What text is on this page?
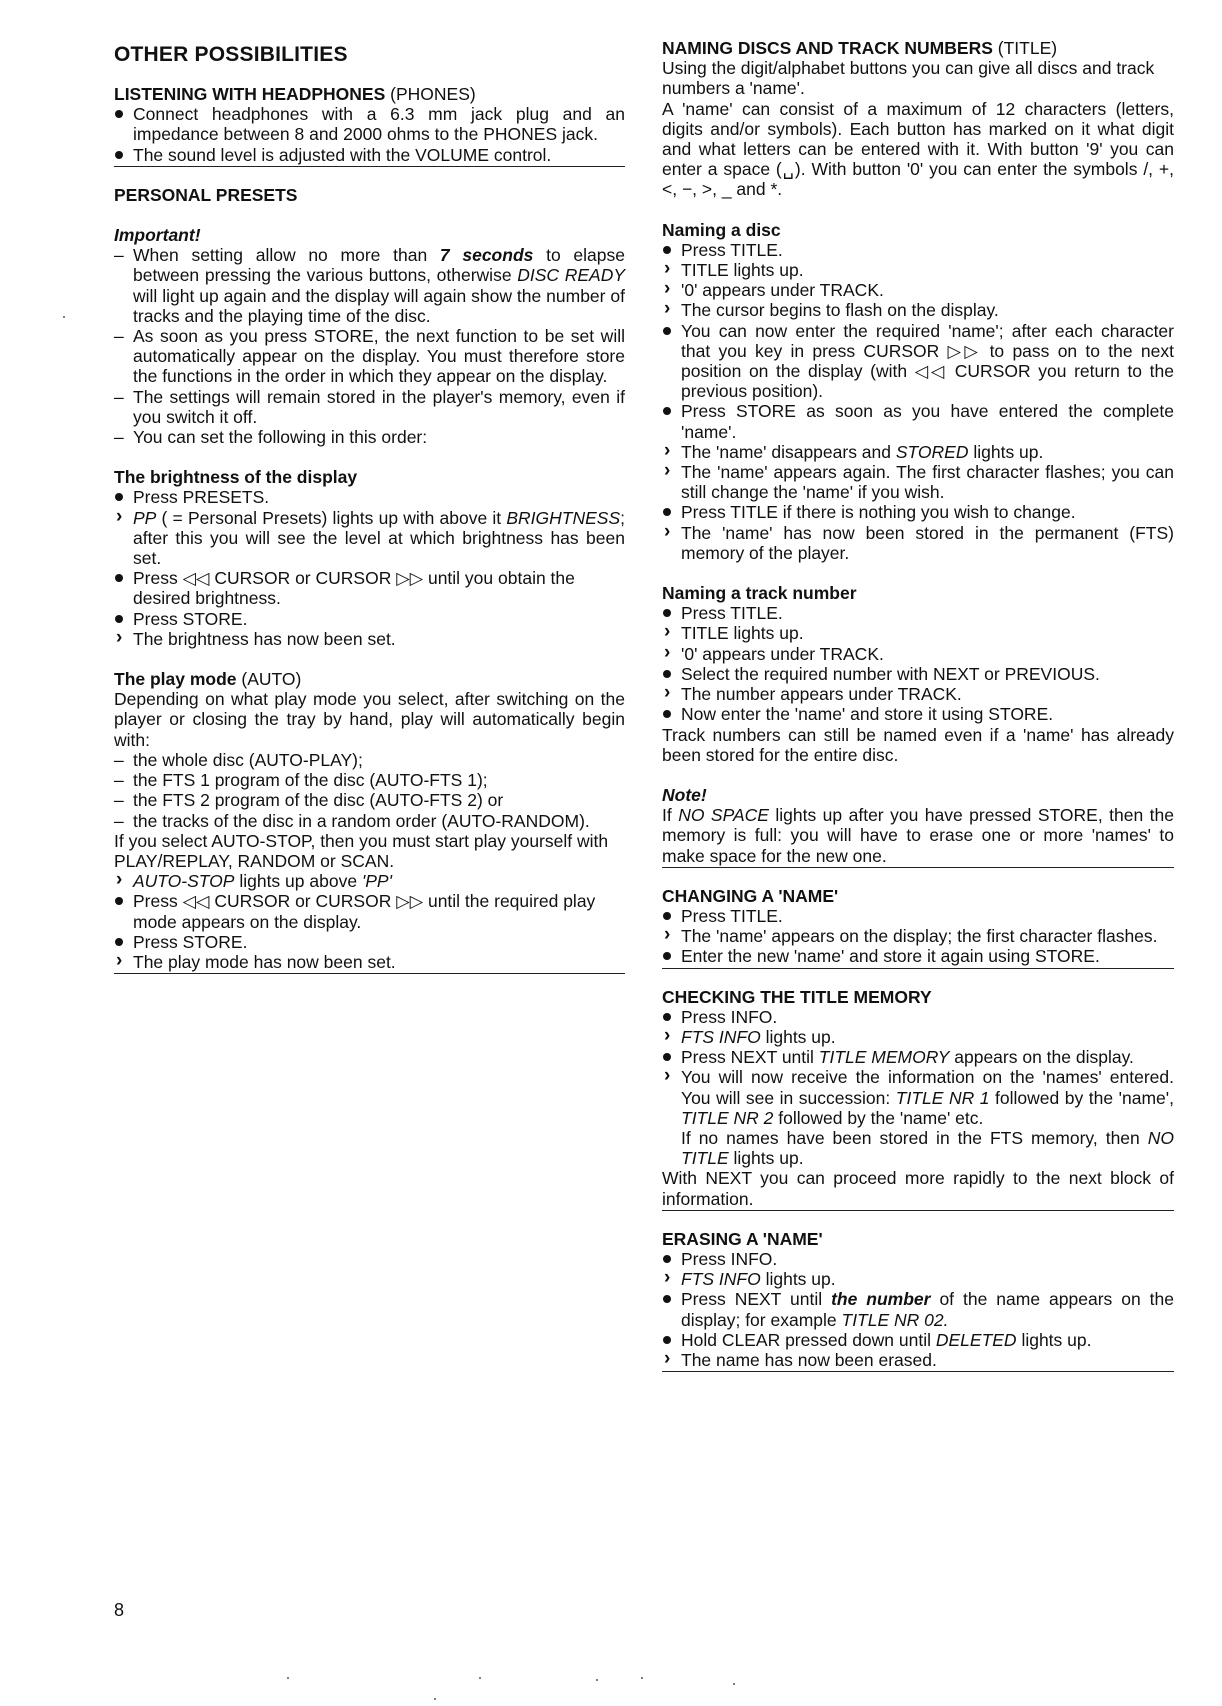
OTHER POSSIBILITIES
LISTENING WITH HEADPHONES (PHONES)
Connect headphones with a 6.3 mm jack plug and an impedance between 8 and 2000 ohms to the PHONES jack.
The sound level is adjusted with the VOLUME control.
PERSONAL PRESETS
Important!
When setting allow no more than 7 seconds to elapse between pressing the various buttons, otherwise DISC READY will light up again and the display will again show the number of tracks and the playing time of the disc.
As soon as you press STORE, the next function to be set will automatically appear on the display. You must therefore store the functions in the order in which they appear on the display.
The settings will remain stored in the player's memory, even if you switch it off.
You can set the following in this order:
The brightness of the display
Press PRESETS.
PP ( = Personal Presets) lights up with above it BRIGHTNESS; after this you will see the level at which brightness has been set.
Press ◁◁ CURSOR or CURSOR ▷▷ until you obtain the desired brightness.
Press STORE.
The brightness has now been set.
The play mode (AUTO)
Depending on what play mode you select, after switching on the player or closing the tray by hand, play will automatically begin with:
the whole disc (AUTO-PLAY);
the FTS 1 program of the disc (AUTO-FTS 1);
the FTS 2 program of the disc (AUTO-FTS 2) or
the tracks of the disc in a random order (AUTO-RANDOM).
If you select AUTO-STOP, then you must start play yourself with PLAY/REPLAY, RANDOM or SCAN.
AUTO-STOP lights up above 'PP'
Press ◁◁ CURSOR or CURSOR ▷▷ until the required play mode appears on the display.
Press STORE.
The play mode has now been set.
NAMING DISCS AND TRACK NUMBERS (TITLE)
Using the digit/alphabet buttons you can give all discs and track numbers a 'name'.
A 'name' can consist of a maximum of 12 characters (letters, digits and/or symbols). Each button has marked on it what digit and what letters can be entered with it. With button '9' you can enter a space (␣). With button '0' you can enter the symbols /, +, <, −, >, _ and *.
Naming a disc
Press TITLE.
TITLE lights up.
'0' appears under TRACK.
The cursor begins to flash on the display.
You can now enter the required 'name'; after each character that you key in press CURSOR ▷▷ to pass on to the next position on the display (with ◁◁ CURSOR you return to the previous position).
Press STORE as soon as you have entered the complete 'name'.
The 'name' disappears and STORED lights up.
The 'name' appears again. The first character flashes; you can still change the 'name' if you wish.
Press TITLE if there is nothing you wish to change.
The 'name' has now been stored in the permanent (FTS) memory of the player.
Naming a track number
Press TITLE.
TITLE lights up.
'0' appears under TRACK.
Select the required number with NEXT or PREVIOUS.
The number appears under TRACK.
Now enter the 'name' and store it using STORE.
Track numbers can still be named even if a 'name' has already been stored for the entire disc.
Note!
If NO SPACE lights up after you have pressed STORE, then the memory is full: you will have to erase one or more 'names' to make space for the new one.
CHANGING A 'NAME'
Press TITLE.
The 'name' appears on the display; the first character flashes.
Enter the new 'name' and store it again using STORE.
CHECKING THE TITLE MEMORY
Press INFO.
FTS INFO lights up.
Press NEXT until TITLE MEMORY appears on the display.
You will now receive the information on the 'names' entered. You will see in succession: TITLE NR 1 followed by the 'name', TITLE NR 2 followed by the 'name' etc.
If no names have been stored in the FTS memory, then NO TITLE lights up.
With NEXT you can proceed more rapidly to the next block of information.
ERASING A 'NAME'
Press INFO.
FTS INFO lights up.
Press NEXT until the number of the name appears on the display; for example TITLE NR 02.
Hold CLEAR pressed down until DELETED lights up.
The name has now been erased.
8
